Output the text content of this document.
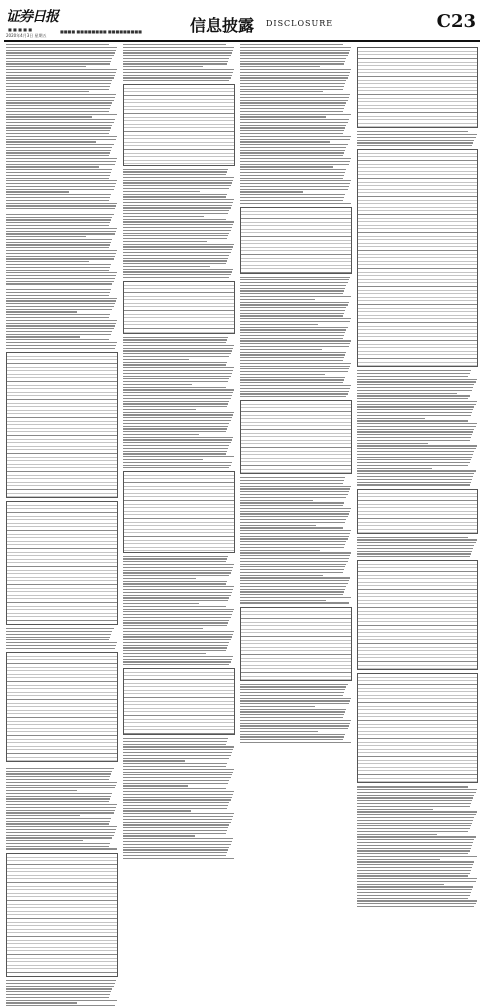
证券日报
■ ■ ■ ■ ■
2020年4月3日 星期五
■■■■ ■■■■■■■■ ■■■■■■■■■	信息披露 DISCLOSURE	C23
